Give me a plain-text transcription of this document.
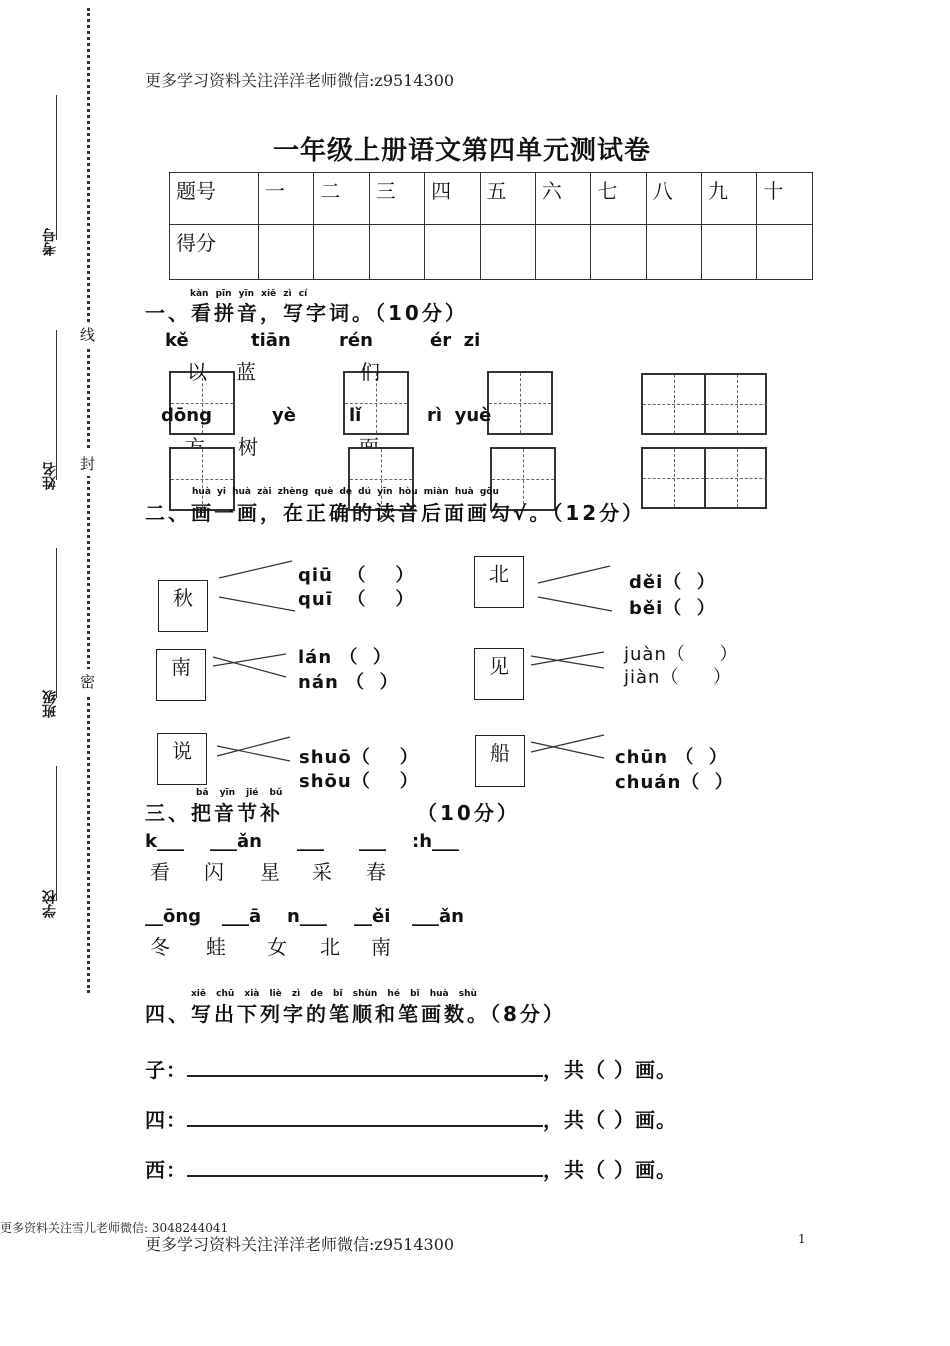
更多学习资料关注洋洋老师微信:z9514300
更多资料关注雪儿老师微信: 3048244041
更多学习资料关注洋洋老师微信:z9514300	1
线
封
密
考号
姓名
班级
学校
一年级上册语文第四单元测试卷
题号	一	二	三	四	五	六	七	八	九	十
得分										
kàn pīn yīn xiě zì cí
一、看拼音，写字词。（10分）
kě	tiān	rén	ér  zi
以 蓝	们
dōng	yè	lǐ	rì  yuè
树
huà yi huà zài zhèng què de dú yīn hòu miàn huà gōu
二、画一画，在正确的读音后面画勾√。（12分）
秋
qiū  （    ）
quī  （    ）
北	děi（  ）
běi（  ）
南	lán （  ）
nán （  ）
见	juàn（     ）
jiàn（     ）
说	shuō（    ）
shōu（    ）
船	chūn （  ）
chuán（  ）
bǎ yīn jié bǔ
三、把音节补	（10分）
k___ ___ǎn ___ ___ :h___
看 闪 星 采 春
__ōng ___ā n___ __ěi ___ǎn
冬 蛙 女 北 南
xiě chū xià liè zì de bǐ shùn hé bǐ huà shù
四、写出下列字的笔顺和笔画数。（8分）
子：	，共（ ）画。
四：	，共（ ）画。
西：	，共（ ）画。
